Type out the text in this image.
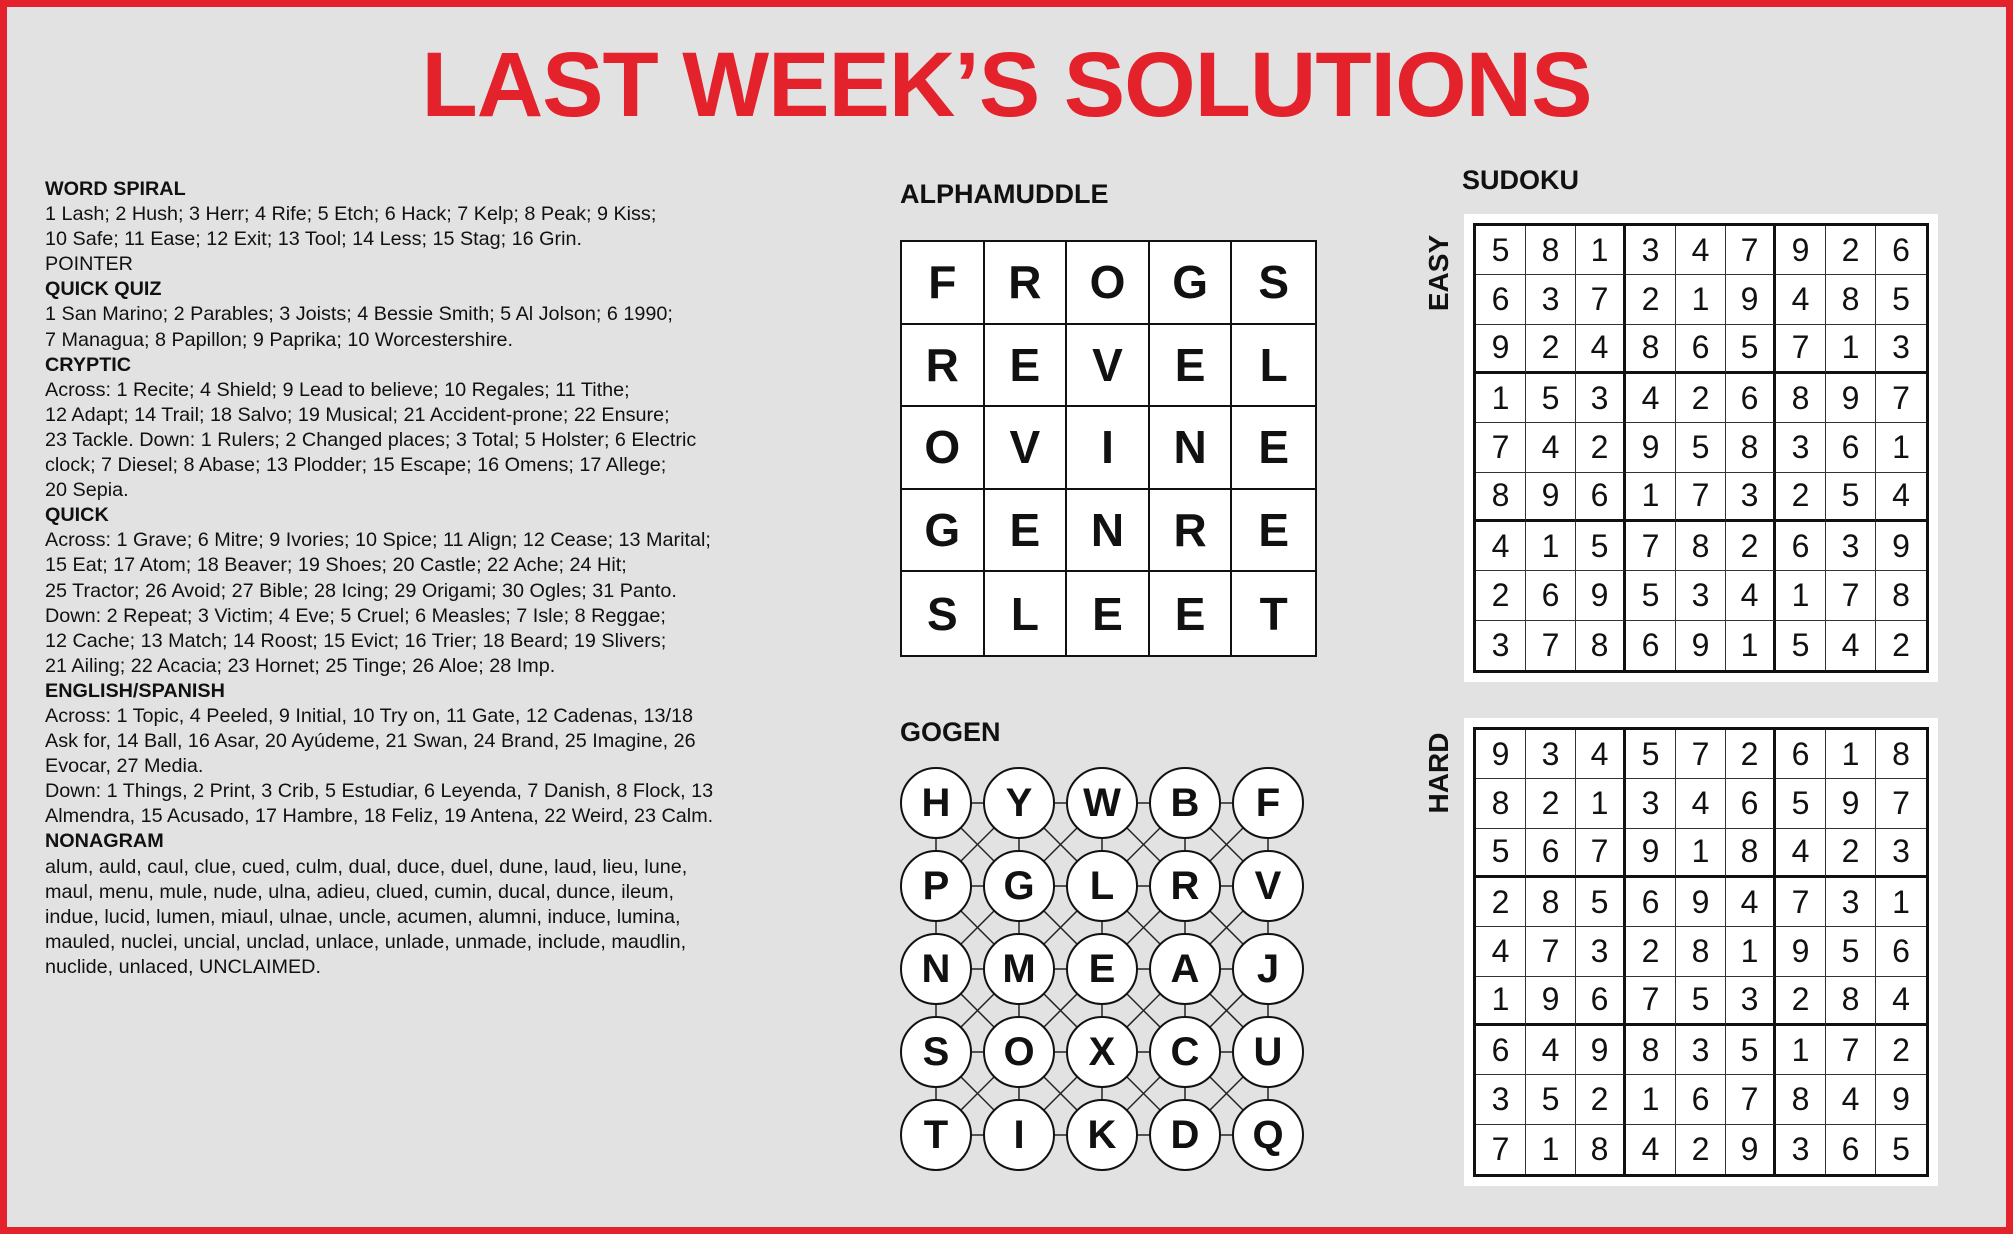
LAST WEEK’S SOLUTIONS
WORD SPIRAL
1 Lash; 2 Hush; 3 Herr; 4 Rife; 5 Etch; 6 Hack; 7 Kelp; 8 Peak; 9 Kiss;
10 Safe; 11 Ease; 12 Exit; 13 Tool; 14 Less; 15 Stag; 16 Grin.
POINTER
QUICK QUIZ
1 San Marino; 2 Parables; 3 Joists; 4 Bessie Smith; 5 Al Jolson; 6 1990;
7 Managua; 8 Papillon; 9 Paprika; 10 Worcestershire.
CRYPTIC
Across: 1 Recite; 4 Shield; 9 Lead to believe; 10 Regales; 11 Tithe;
12 Adapt; 14 Trail; 18 Salvo; 19 Musical; 21 Accident-prone; 22 Ensure;
23 Tackle. Down: 1 Rulers; 2 Changed places; 3 Total; 5 Holster; 6 Electric
clock; 7 Diesel; 8 Abase; 13 Plodder; 15 Escape; 16 Omens; 17 Allege;
20 Sepia.
QUICK
Across: 1 Grave; 6 Mitre; 9 Ivories; 10 Spice; 11 Align; 12 Cease; 13 Marital;
15 Eat; 17 Atom; 18 Beaver; 19 Shoes; 20 Castle; 22 Ache; 24 Hit;
25 Tractor; 26 Avoid; 27 Bible; 28 Icing; 29 Origami; 30 Ogles; 31 Panto.
Down: 2 Repeat; 3 Victim; 4 Eve; 5 Cruel; 6 Measles; 7 Isle; 8 Reggae;
12 Cache; 13 Match; 14 Roost; 15 Evict; 16 Trier; 18 Beard; 19 Slivers;
21 Ailing; 22 Acacia; 23 Hornet; 25 Tinge; 26 Aloe; 28 Imp.
ENGLISH/SPANISH
Across: 1 Topic, 4 Peeled, 9 Initial, 10 Try on, 11 Gate, 12 Cadenas, 13/18
Ask for, 14 Ball, 16 Asar, 20 Ayúdeme, 21 Swan, 24 Brand, 25 Imagine, 26
Evocar, 27 Media.
Down: 1 Things, 2 Print, 3 Crib, 5 Estudiar, 6 Leyenda, 7 Danish, 8 Flock, 13
Almendra, 15 Acusado, 17 Hambre, 18 Feliz, 19 Antena, 22 Weird, 23 Calm.
NONAGRAM
alum, auld, caul, clue, cued, culm, dual, duce, duel, dune, laud, lieu, lune,
maul, menu, mule, nude, ulna, adieu, clued, cumin, ducal, dunce, ileum,
indue, lucid, lumen, miaul, ulnae, uncle, acumen, alumni, induce, lumina,
mauled, nuclei, uncial, unclad, unlace, unlade, unmade, include, maudlin,
nuclide, unlaced, UNCLAIMED.
ALPHAMUDDLE
F	R	O	G	S
R	E	V	E	L
O	V	I	N	E
G	E	N	R	E
S	L	E	E	T
GOGEN
H	Y	W	B	F
P	G	L	R	V
N	M	E	A	J
S	O	X	C	U
T	I	K	D	Q
SUDOKU
EASY
HARD
5	8 1	3	4 7	9	2	6
6	3 7	2	1 9	4	8	5
9	2 4	8	6 5	7	1	3
1	5 3	4	2 6	8	9	7
7	4 2	9	5 8	3	6	1
8	9 6	1	7 3	2	5	4
4	1 5	7	8 2	6	3	9
2	6 9	5	3 4	1	7	8
3	7 8	6	9 1	5	4	2
9	3 4	5	7 2	6	1	8
8	2 1	3	4 6	5	9	7
5	6 7	9	1 8	4	2	3
2	8 5	6	9 4	7	3	1
4	7 3	2	8 1	9	5	6
1	9 6	7	5 3	2	8	4
6	4 9	8	3 5	1	7	2
3	5 2	1	6 7	8	4	9
7	1 8	4	2 9	3	6	5
